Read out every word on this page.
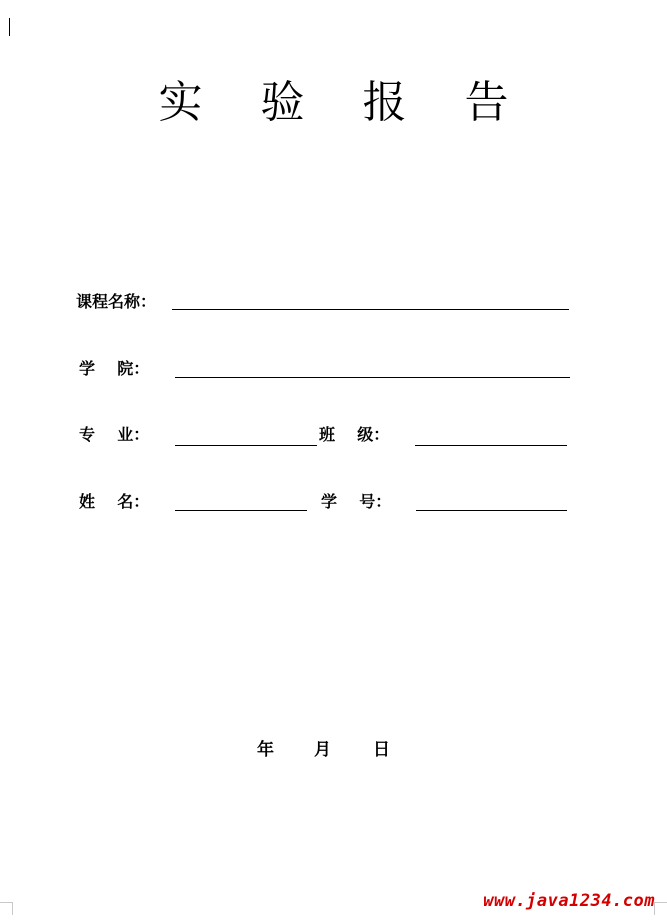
实 验 报 告
课程名称：
学    院：
专    业：	班    级：
姓    名：	学    号：
年 月 日
www.java1234.com
